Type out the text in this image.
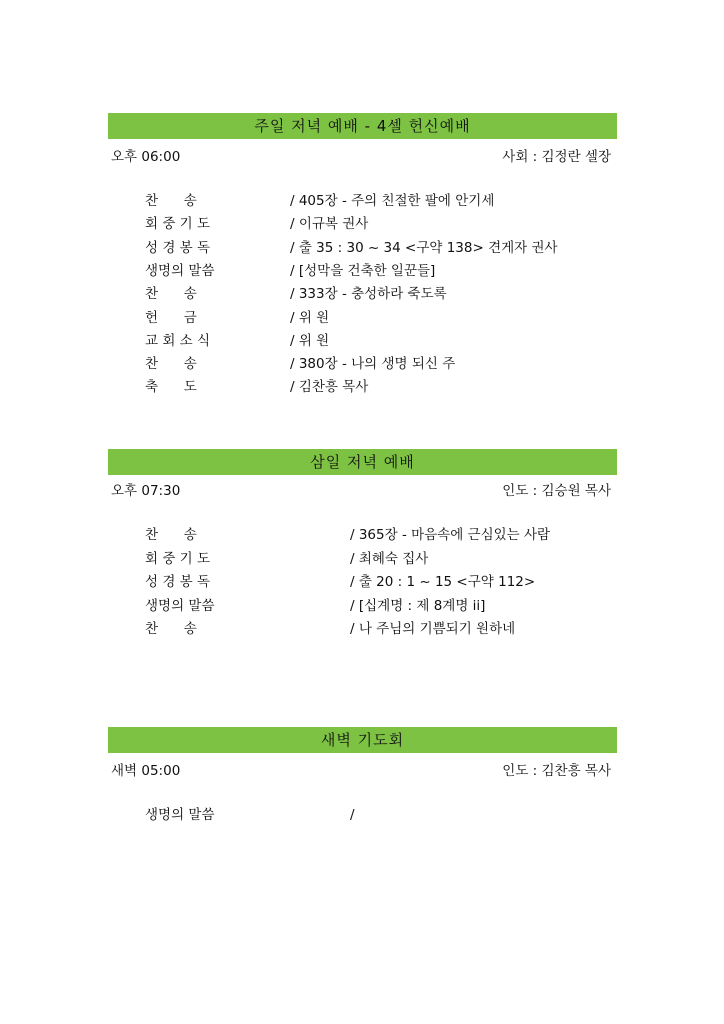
주일 저녁 예배 - 4셀 헌신예배
오후 06:00	사회 : 김정란 셀장
찬      송	/ 405장 - 주의 친절한 팔에 안기세
회 중 기 도	/ 이규복 권사
성 경 봉 독	/ 출 35 : 30 ~ 34 <구약 138> 견게자 권사
생명의 말씀	/ [성막을 건축한 일꾼들]
찬      송	/ 333장 - 충성하라 죽도록
헌      금	/ 위 원
교 회 소 식	/ 위 원
찬      송	/ 380장 - 나의 생명 되신 주
축      도	/ 김찬흥 목사
삼일 저녁 예배
오후 07:30	인도 : 김승원 목사
찬      송	/ 365장 - 마음속에 근심있는 사람
회 중 기 도	/ 최혜숙 집사
성 경 봉 독	/ 출 20 : 1 ~ 15 <구약 112>
생명의 말씀	/ [십계명 : 제 8계명 ii]
찬      송	/ 나 주님의 기쁨되기 원하네
새벽 기도회
새벽 05:00	인도 : 김찬흥 목사
생명의 말씀	/
